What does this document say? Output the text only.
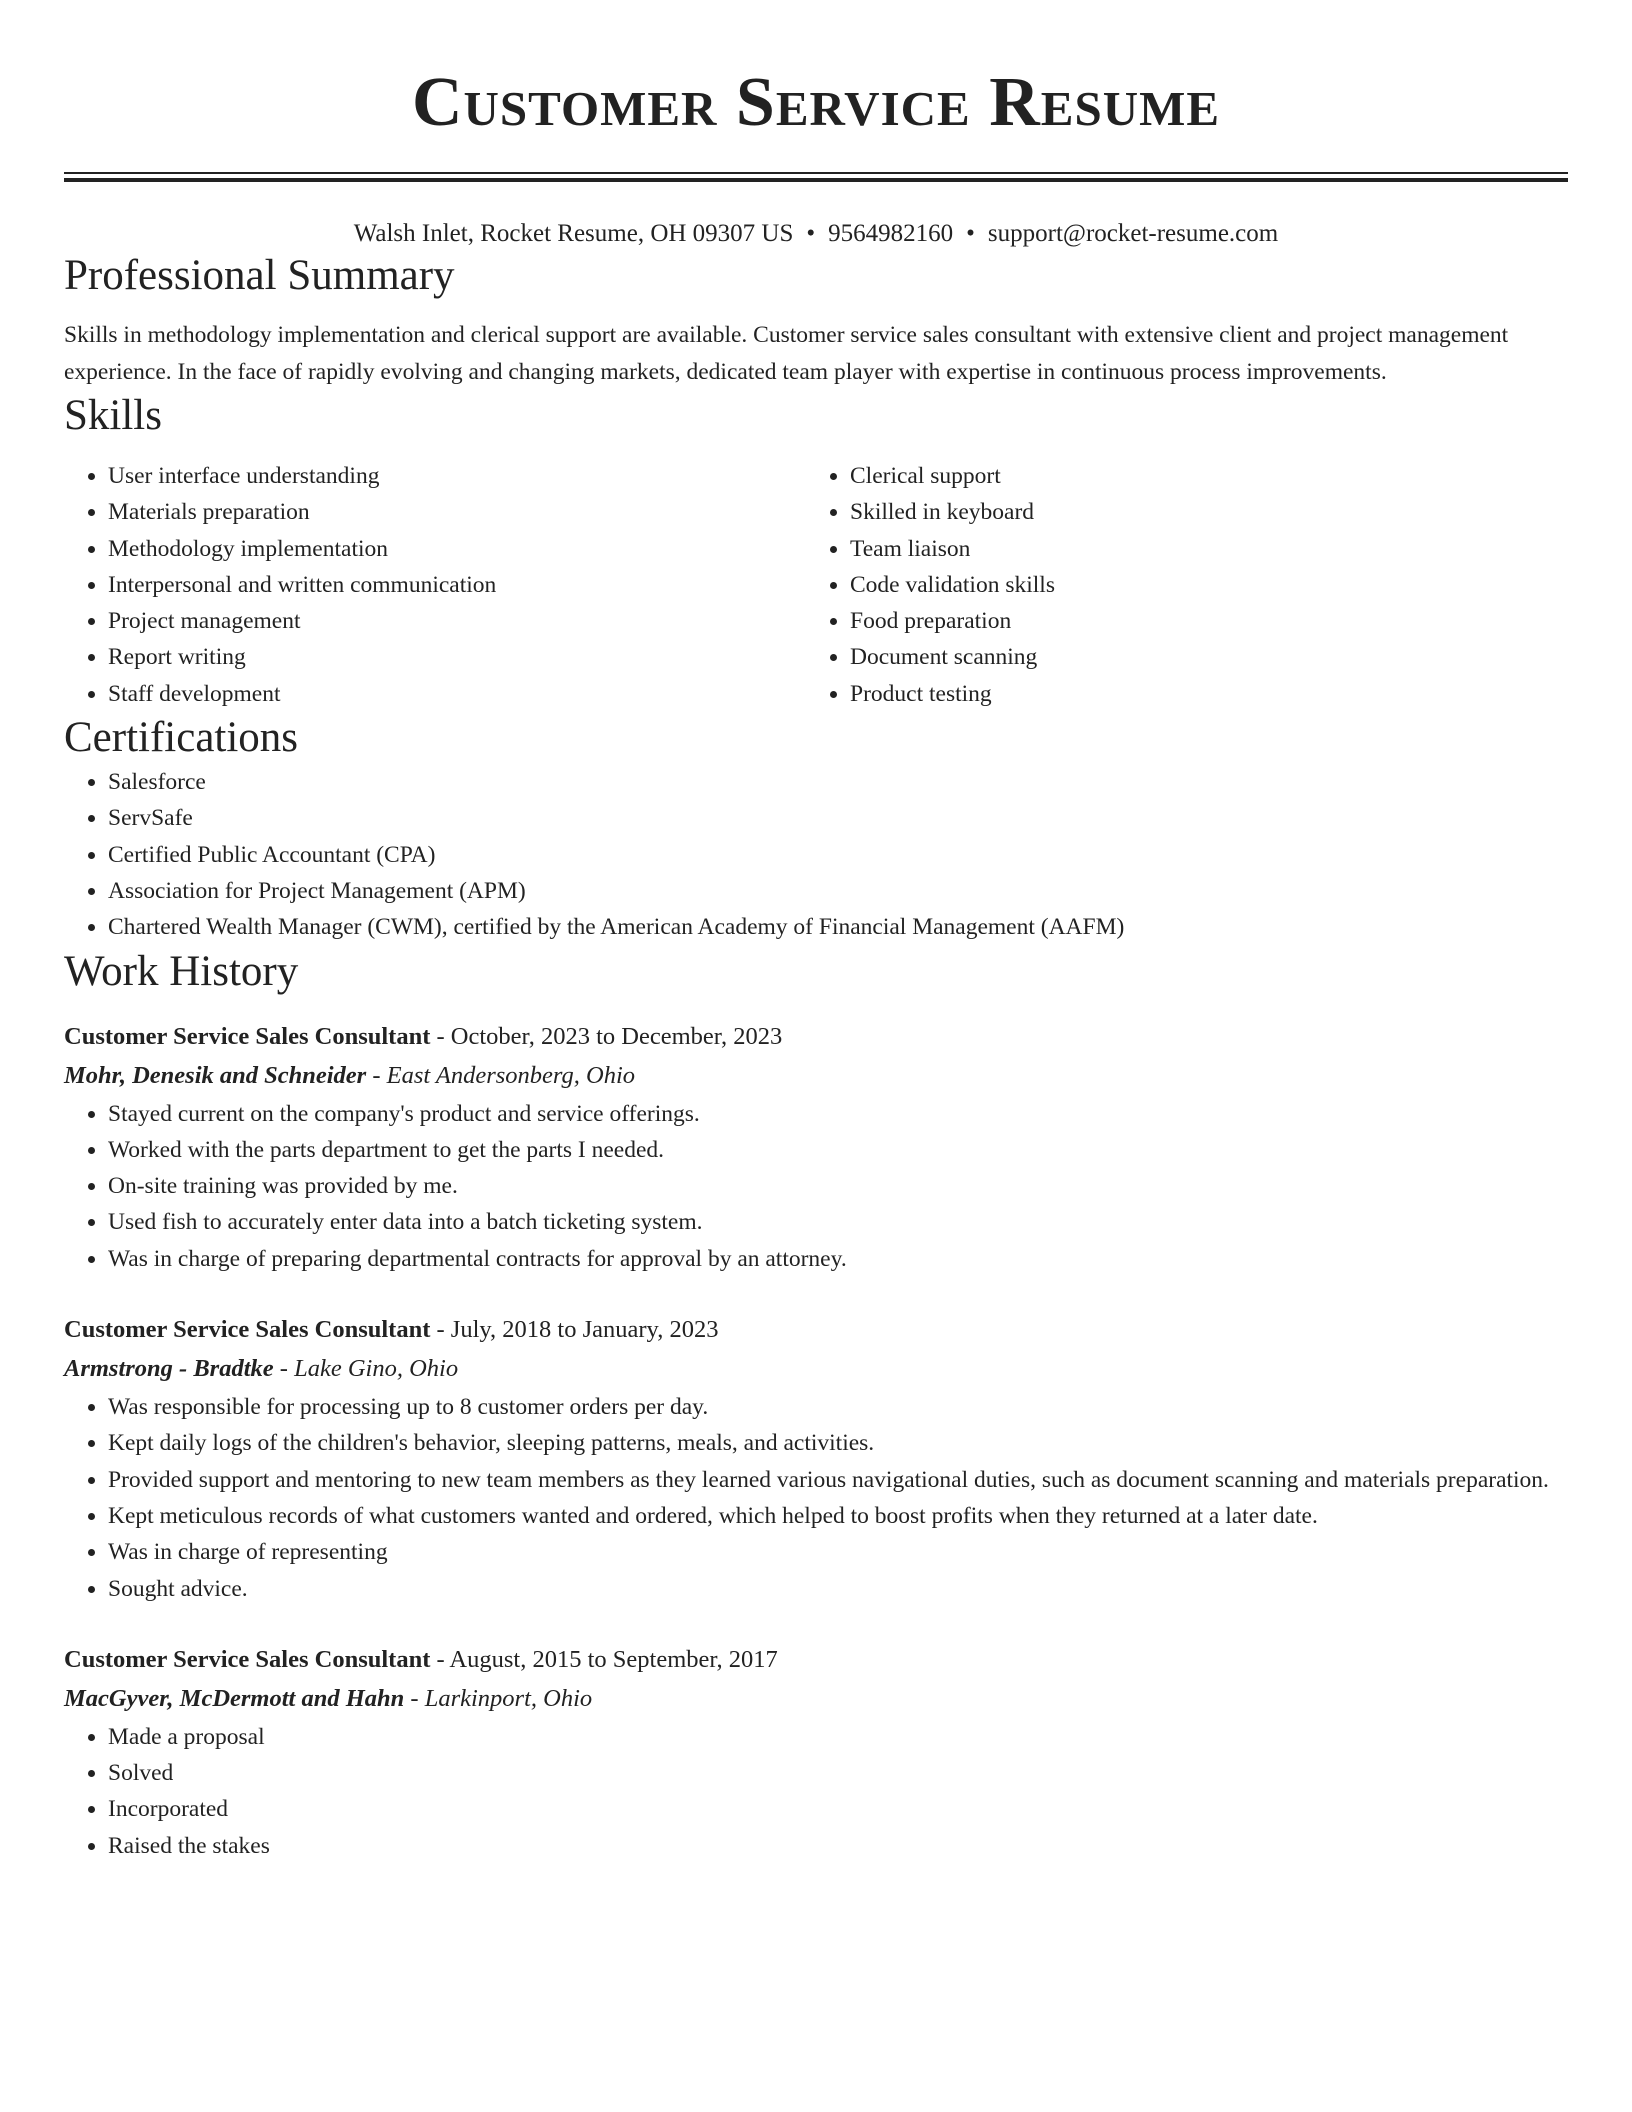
Customer Service Resume
Walsh Inlet, Rocket Resume, OH 09307 US • 9564982160 • support@rocket-resume.com
Professional Summary
Skills in methodology implementation and clerical support are available. Customer service sales consultant with extensive client and project management experience. In the face of rapidly evolving and changing markets, dedicated team player with expertise in continuous process improvements.
Skills
• User interface understanding
• Materials preparation
• Methodology implementation
• Interpersonal and written communication
• Project management
• Report writing
• Staff development
• Clerical support
• Skilled in keyboard
• Team liaison
• Code validation skills
• Food preparation
• Document scanning
• Product testing
Certifications
• Salesforce
• ServSafe
• Certified Public Accountant (CPA)
• Association for Project Management (APM)
• Chartered Wealth Manager (CWM), certified by the American Academy of Financial Management (AAFM)
Work History
Customer Service Sales Consultant - October, 2023 to December, 2023
Mohr, Denesik and Schneider - East Andersonberg, Ohio
• Stayed current on the company's product and service offerings.
• Worked with the parts department to get the parts I needed.
• On-site training was provided by me.
• Used fish to accurately enter data into a batch ticketing system.
• Was in charge of preparing departmental contracts for approval by an attorney.
Customer Service Sales Consultant - July, 2018 to January, 2023
Armstrong - Bradtke - Lake Gino, Ohio
• Was responsible for processing up to 8 customer orders per day.
• Kept daily logs of the children's behavior, sleeping patterns, meals, and activities.
• Provided support and mentoring to new team members as they learned various navigational duties, such as document scanning and materials preparation.
• Kept meticulous records of what customers wanted and ordered, which helped to boost profits when they returned at a later date.
• Was in charge of representing
• Sought advice.
Customer Service Sales Consultant - August, 2015 to September, 2017
MacGyver, McDermott and Hahn - Larkinport, Ohio
• Made a proposal
• Solved
• Incorporated
• Raised the stakes
